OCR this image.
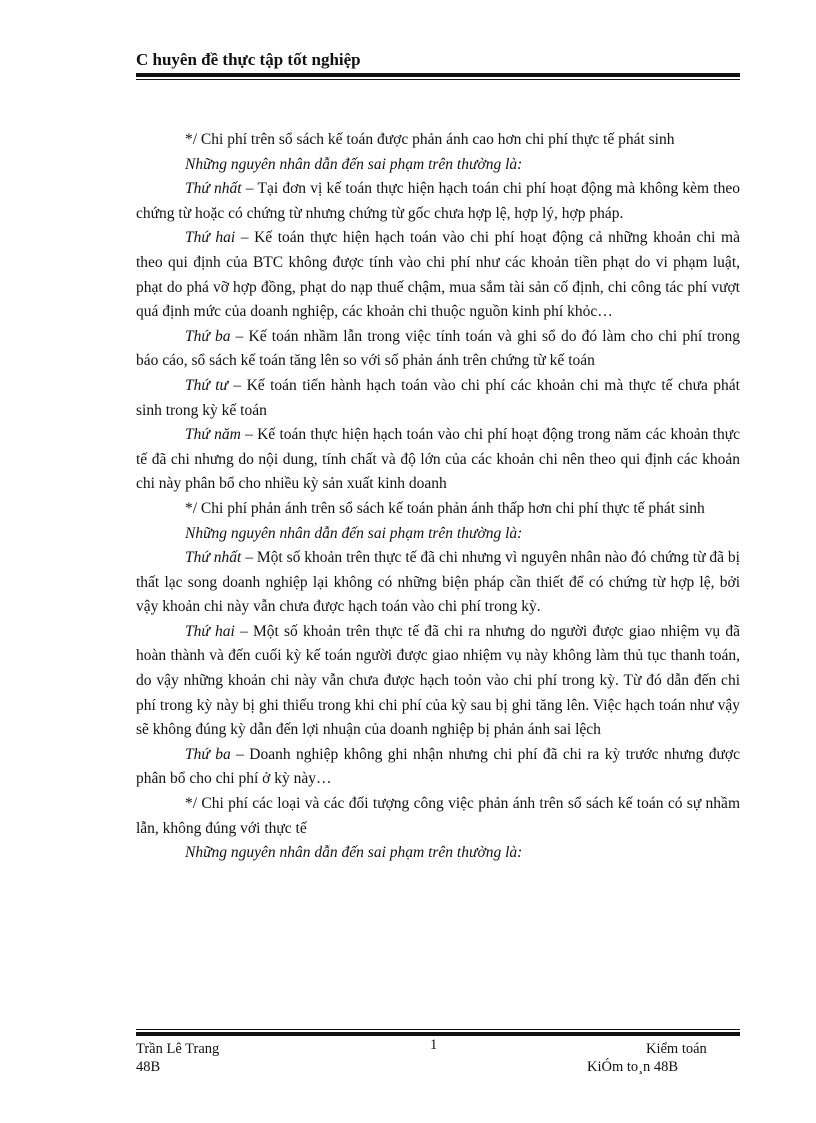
C huyên đề thực tập tốt nghiệp

*/ Chi phí trên sổ sách kế toán được phản ánh cao hơn chi phí thực tế phát sinh

Những nguyên nhân dẫn đến sai phạm trên thường là:

Thứ nhất – Tại đơn vị kế toán thực hiện hạch toán chi phí hoạt động mà không kèm theo chứng từ hoặc có chứng từ nhưng chứng từ gốc chưa hợp lệ, hợp lý, hợp pháp.

Thứ hai – Kế toán thực hiện hạch toán vào chi phí hoạt động cả những khoản chi mà theo qui định của BTC không được tính vào chi phí như các khoản tiền phạt do vi phạm luật, phạt do phá vỡ hợp đồng, phạt do nạp thuế chậm, mua sắm tài sản cố định, chi công tác phí vượt quá định mức của doanh nghiệp, các khoản chi thuộc nguồn kinh phí khỏc…

Thứ ba – Kế toán nhầm lẫn trong việc tính toán và ghi sổ do đó làm cho chi phí trong báo cáo, sổ sách kế toán tăng lên so với số phản ánh trên chứng từ kế toán

Thứ tư – Kế toán tiến hành hạch toán vào chi phí các khoản chi mà thực tế chưa phát sinh trong kỳ kế toán

Thứ năm – Kế toán thực hiện hạch toán vào chi phí hoạt động trong năm các khoản thực tế đã chi nhưng do nội dung, tính chất và độ lớn của các khoản chi nên theo qui định các khoản chi này phân bổ cho nhiều kỳ sản xuất kinh doanh

*/ Chi phí phản ánh trên sổ sách kế toán phản ánh thấp hơn chi phí thực tế phát sinh

Những nguyên nhân dẫn đến sai phạm trên thường là:

Thứ nhất – Một số khoản trên thực tế đã chi nhưng vì nguyên nhân nào đó chứng từ đã bị thất lạc song doanh nghiệp lại không có những biện pháp cần thiết để có chứng từ hợp lệ, bởi vậy khoản chi này vẫn chưa được hạch toán vào chi phí trong kỳ.

Thứ hai – Một số khoản trên thực tế đã chi ra nhưng do người được giao nhiệm vụ đã hoàn thành và đến cuối kỳ kế toán người được giao nhiệm vụ này không làm thủ tục thanh toán, do vậy những khoản chi này vẫn chưa được hạch toỏn vào chi phí trong kỳ. Từ đó dẫn đến chi phí trong kỳ này bị ghi thiếu trong khi chi phí của kỳ sau bị ghi tăng lên. Việc hạch toán như vậy sẽ không đúng kỳ dẫn đến lợi nhuận của doanh nghiệp bị phản ánh sai lệch

Thứ ba – Doanh nghiệp không ghi nhận nhưng chi phí đã chi ra kỳ trước nhưng được phân bổ cho chi phí ở kỳ này…

*/ Chi phí các loại và các đối tượng công việc phản ánh trên sổ sách kế toán có sự nhầm lẫn, không đúng với thực tế

Những nguyên nhân dẫn đến sai phạm trên thường là:

Trần Lê Trang
48B
1	Kiểm toán
KiÓm to¸n 48B
